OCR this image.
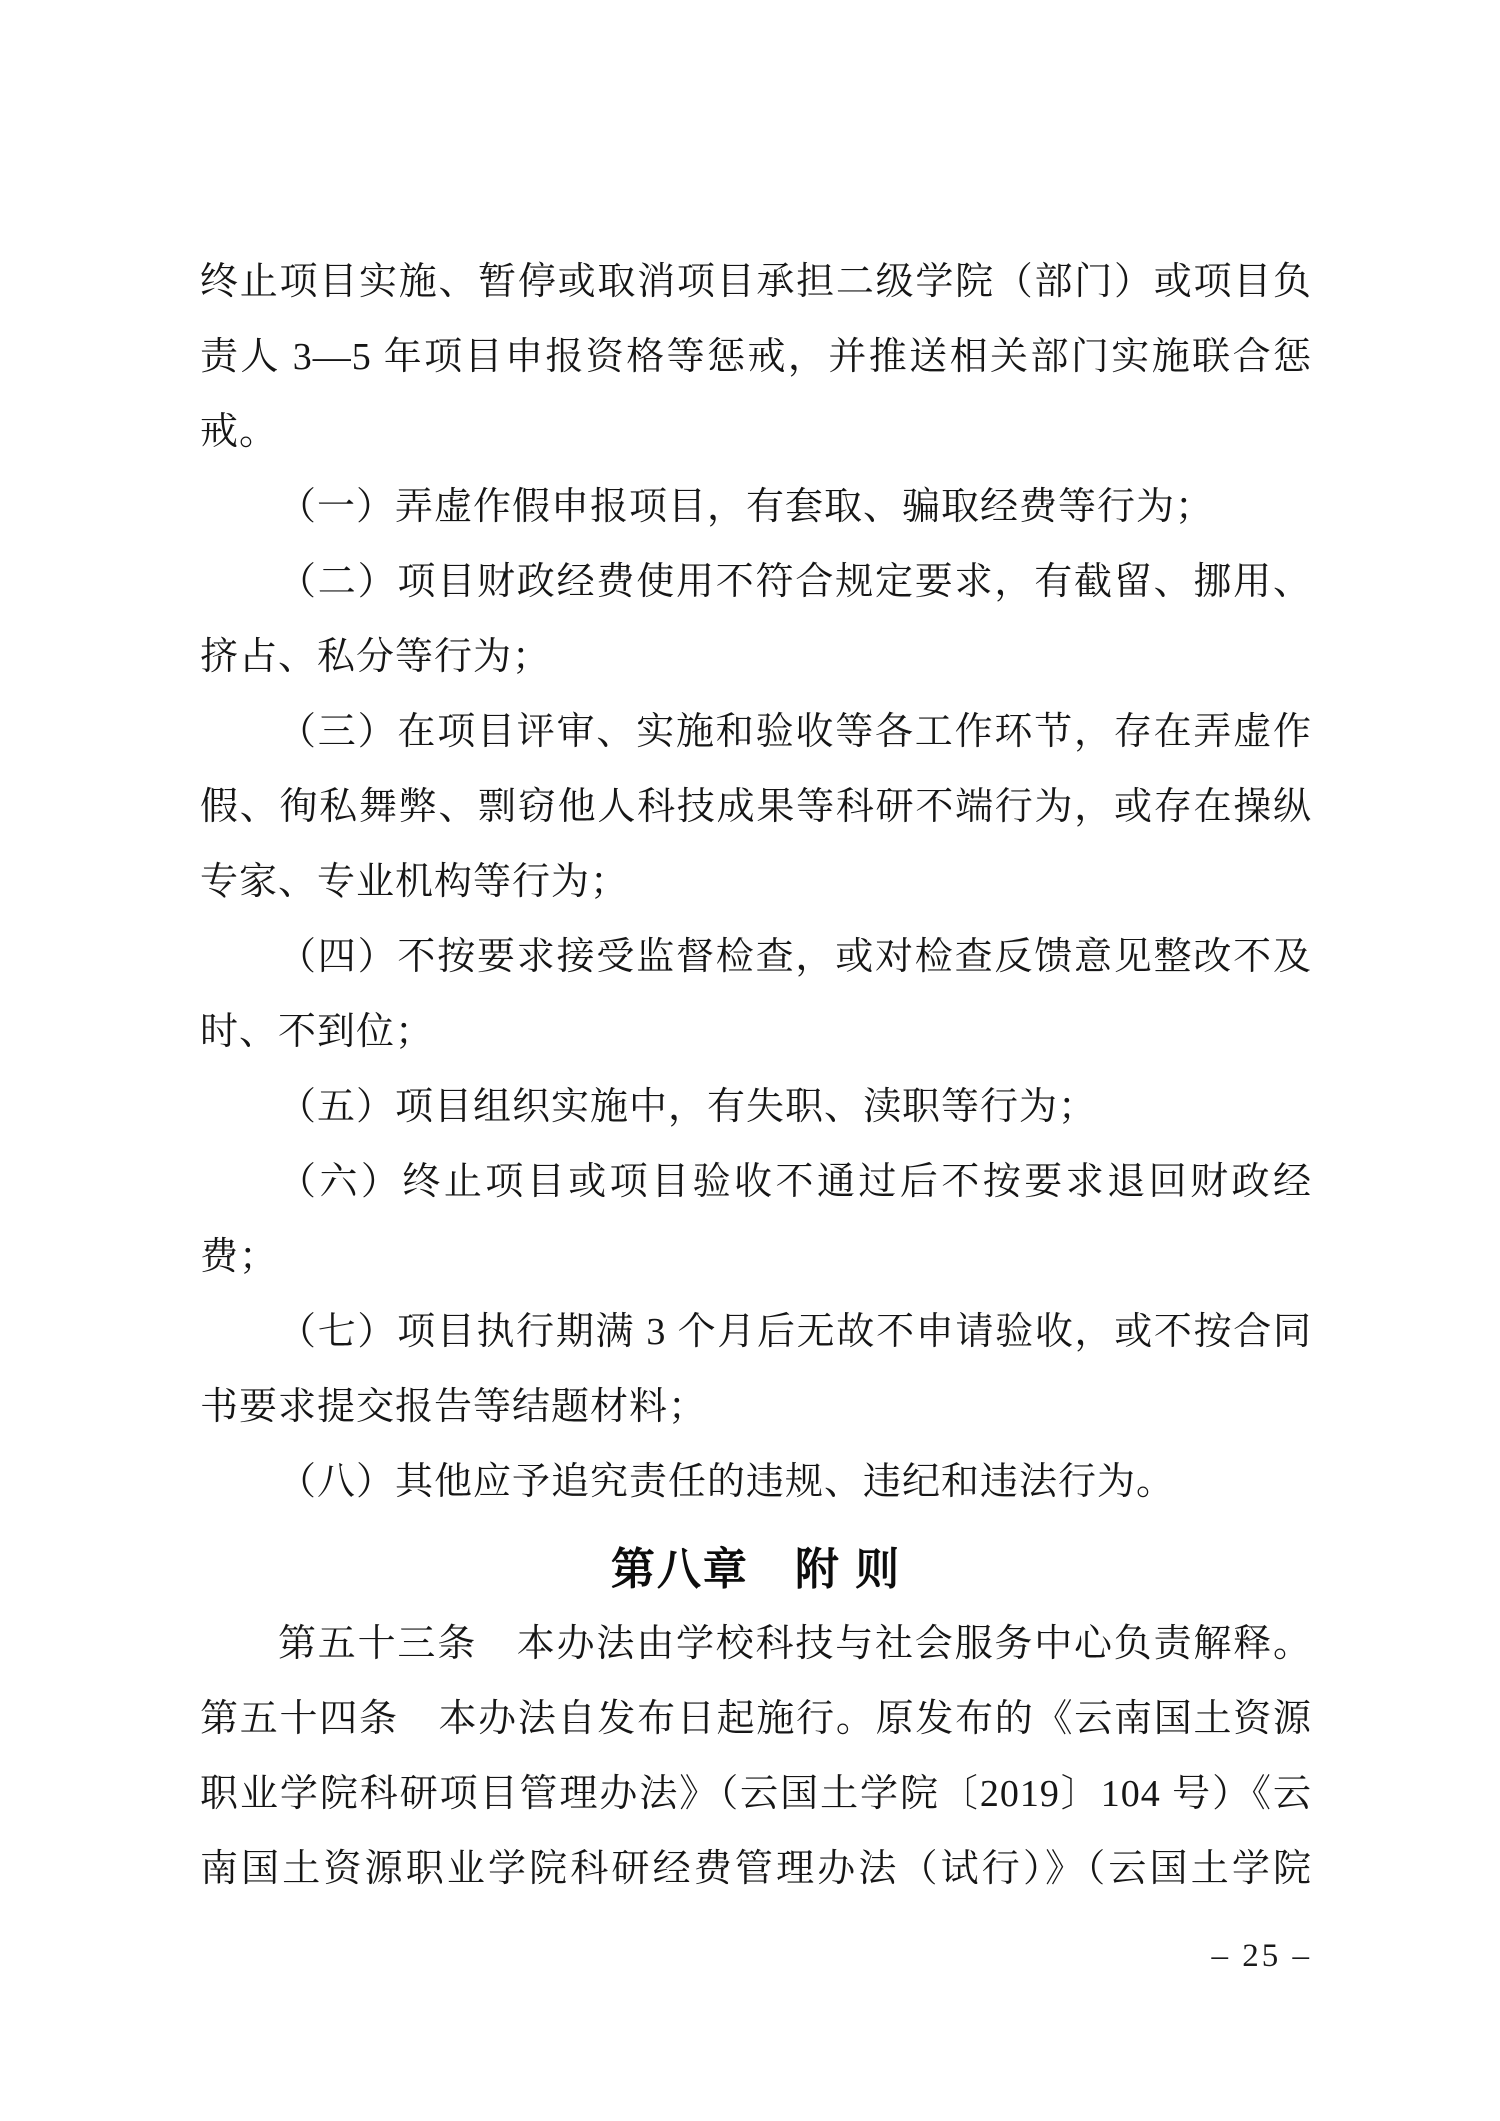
终止项目实施、暂停或取消项目承担二级学院（部门）或项目负
责人 3—5 年项目申报资格等惩戒，并推送相关部门实施联合惩
戒。
（一）弄虚作假申报项目，有套取、骗取经费等行为；
（二）项目财政经费使用不符合规定要求，有截留、挪用、
挤占、私分等行为；
（三）在项目评审、实施和验收等各工作环节，存在弄虚作
假、徇私舞弊、剽窃他人科技成果等科研不端行为，或存在操纵
专家、专业机构等行为；
（四）不按要求接受监督检查，或对检查反馈意见整改不及
时、不到位；
（五）项目组织实施中，有失职、渎职等行为；
（六）终止项目或项目验收不通过后不按要求退回财政经
费；
（七）项目执行期满 3 个月后无故不申请验收，或不按合同
书要求提交报告等结题材料；
（八）其他应予追究责任的违规、违纪和违法行为。
第八章　附 则
第五十三条　本办法由学校科技与社会服务中心负责解释。
第五十四条　本办法自发布日起施行。原发布的《云南国土资源
职业学院科研项目管理办法》（云国土学院〔2019〕104 号）《云
南国土资源职业学院科研经费管理办法（试行）》（云国土学院
– 25 –
